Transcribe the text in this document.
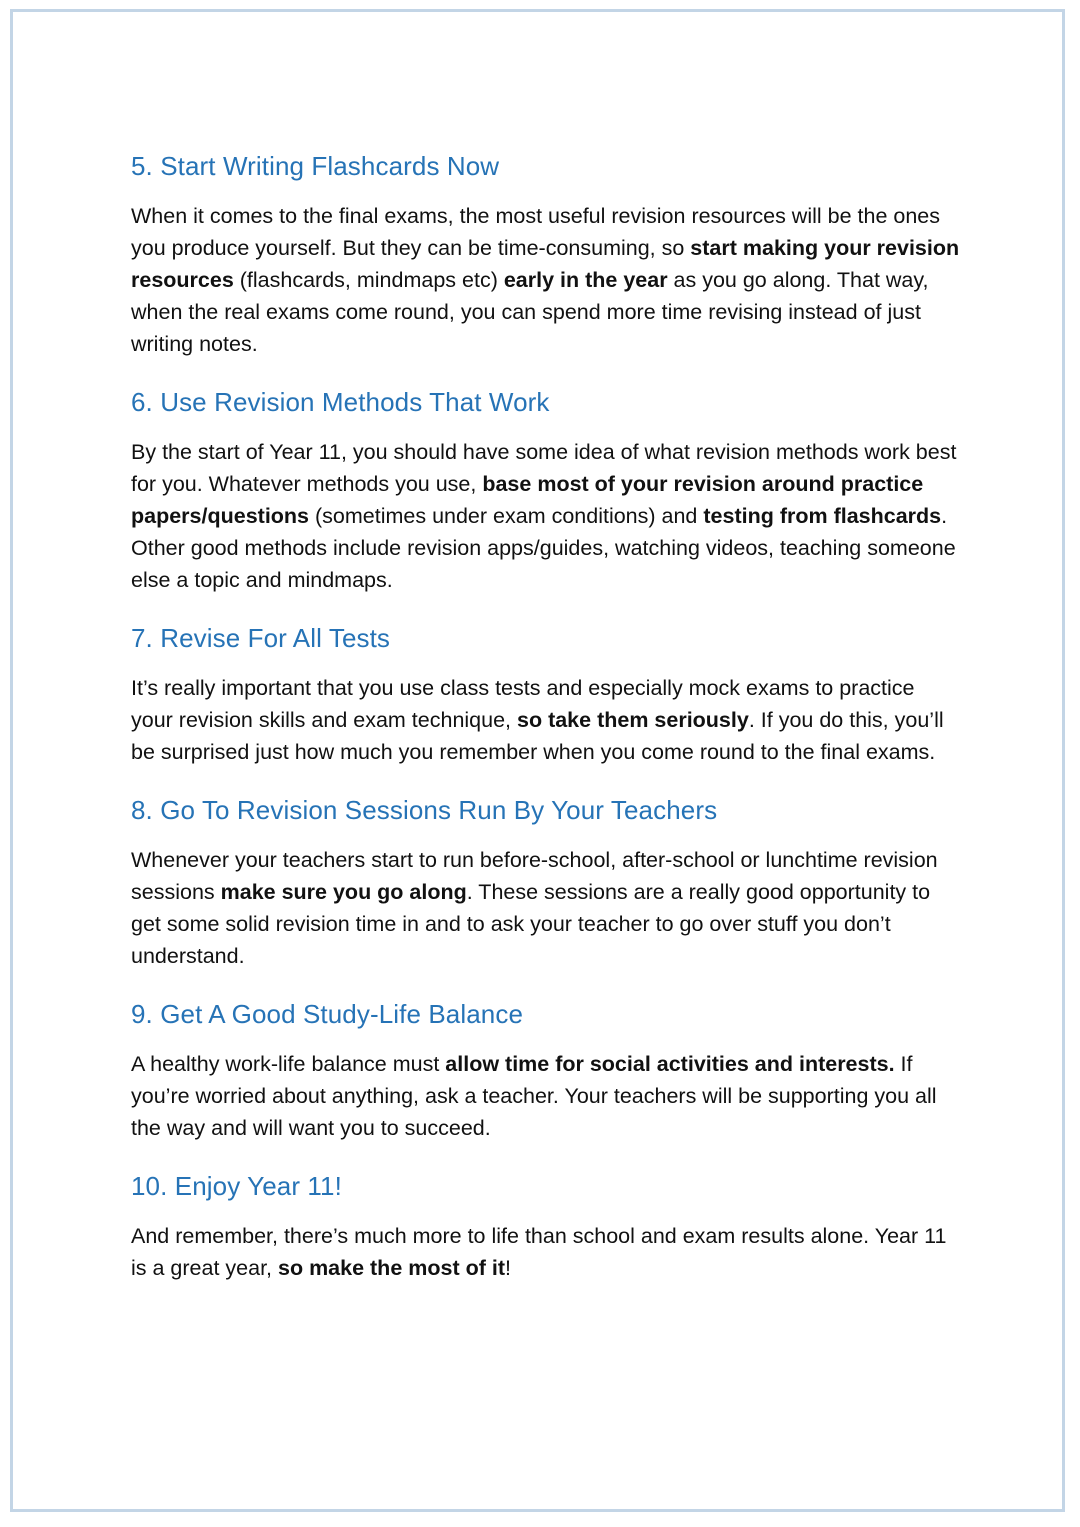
5. Start Writing Flashcards Now

When it comes to the final exams, the most useful revision resources will be the ones you produce yourself. But they can be time-consuming, so start making your revision resources (flashcards, mindmaps etc) early in the year as you go along. That way, when the real exams come round, you can spend more time revising instead of just writing notes.

6. Use Revision Methods That Work

By the start of Year 11, you should have some idea of what revision methods work best for you. Whatever methods you use, base most of your revision around practice papers/questions (sometimes under exam conditions) and testing from flashcards. Other good methods include revision apps/guides, watching videos, teaching someone else a topic and mindmaps.

7. Revise For All Tests

It’s really important that you use class tests and especially mock exams to practice your revision skills and exam technique, so take them seriously. If you do this, you’ll be surprised just how much you remember when you come round to the final exams.

8. Go To Revision Sessions Run By Your Teachers

Whenever your teachers start to run before-school, after-school or lunchtime revision sessions make sure you go along. These sessions are a really good opportunity to get some solid revision time in and to ask your teacher to go over stuff you don’t understand.

9. Get A Good Study-Life Balance

A healthy work-life balance must allow time for social activities and interests. If you’re worried about anything, ask a teacher. Your teachers will be supporting you all the way and will want you to succeed.

10. Enjoy Year 11!

And remember, there’s much more to life than school and exam results alone. Year 11 is a great year, so make the most of it!
